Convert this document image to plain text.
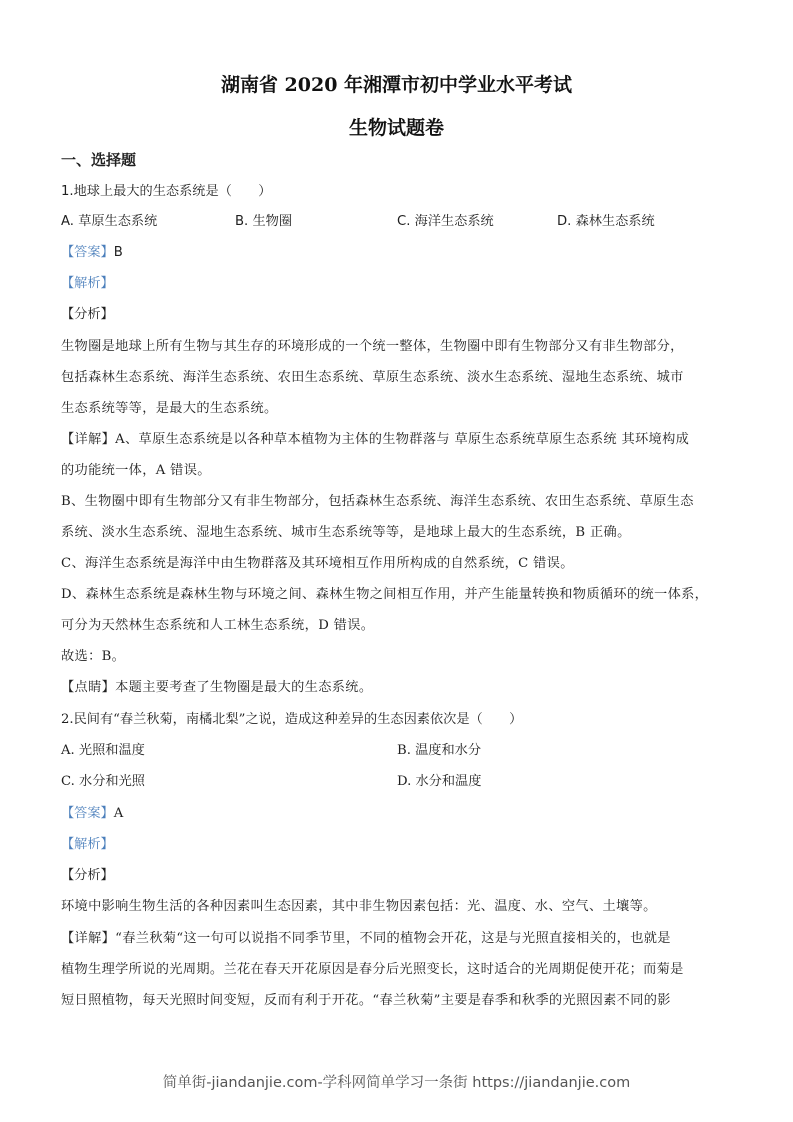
湖南省 2020 年湘潭市初中学业水平考试
生物试题卷
一、选择题
1.地球上最大的生态系统是（　　）
A. 草原生态系统	B. 生物圈	C. 海洋生态系统	D. 森林生态系统
【答案】B
【解析】
【分析】
生物圈是地球上所有生物与其生存的环境形成的一个统一整体，生物圈中即有生物部分又有非生物部分，
包括森林生态系统、海洋生态系统、农田生态系统、草原生态系统、淡水生态系统、湿地生态系统、城市
生态系统等等，是最大的生态系统。
【详解】A、草原生态系统是以各种草本植物为主体的生物群落与 草原生态系统草原生态系统 其环境构成
的功能统一体，A 错误。
B、生物圈中即有生物部分又有非生物部分，包括森林生态系统、海洋生态系统、农田生态系统、草原生态
系统、淡水生态系统、湿地生态系统、城市生态系统等等，是地球上最大的生态系统，B 正确。
C、海洋生态系统是海洋中由生物群落及其环境相互作用所构成的自然系统，C 错误。
D、森林生态系统是森林生物与环境之间、森林生物之间相互作用，并产生能量转换和物质循环的统一体系，
可分为天然林生态系统和人工林生态系统，D 错误。
故选：B。
【点睛】本题主要考查了生物圈是最大的生态系统。
2.民间有“春兰秋菊，南橘北梨”之说，造成这种差异的生态因素依次是（　　）
A. 光照和温度	B. 温度和水分
C. 水分和光照	D. 水分和温度
【答案】A
【解析】
【分析】
环境中影响生物生活的各种因素叫生态因素，其中非生物因素包括：光、温度、水、空气、土壤等。
【详解】“春兰秋菊“这一句可以说指不同季节里，不同的植物会开花，这是与光照直接相关的，也就是
植物生理学所说的光周期。兰花在春天开花原因是春分后光照变长，这时适合的光周期促使开花；而菊是
短日照植物，每天光照时间变短，反而有利于开花。“春兰秋菊”主要是春季和秋季的光照因素不同的影
简单街-jiandanjie.com-学科网简单学习一条街 https://jiandanjie.com
